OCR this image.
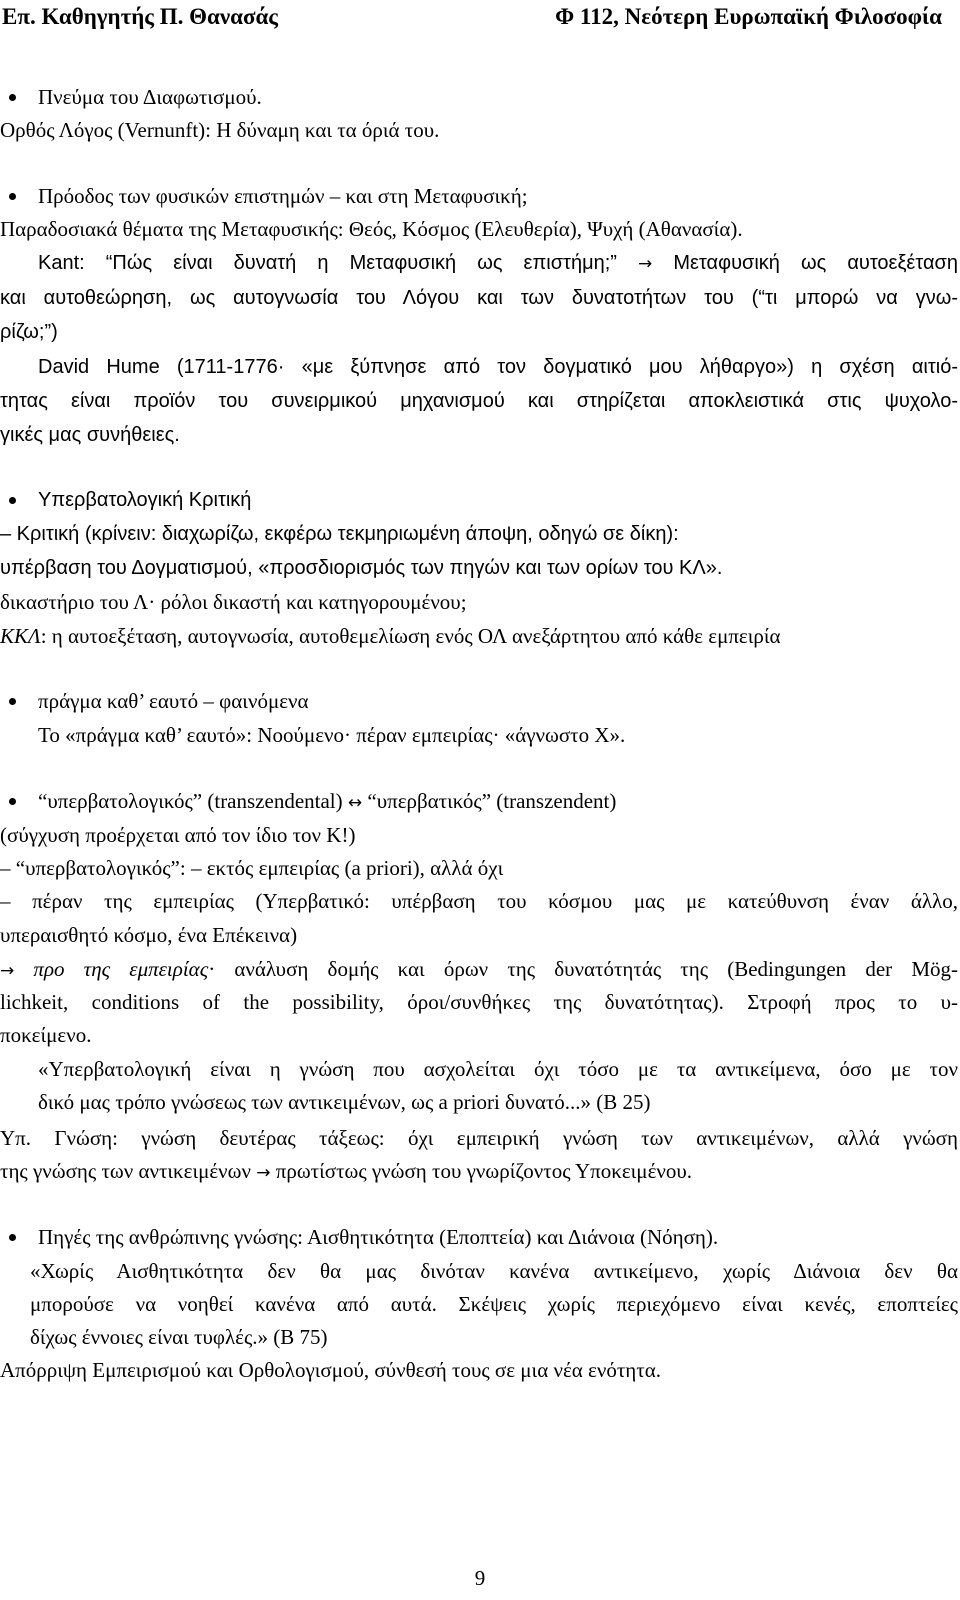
Επ. Καθηγητής Π. Θανασάς	Φ 112, Νεότερη Ευρωπαϊκή Φιλοσοφία
Πνεύμα του Διαφωτισμού.
Ορθός Λόγος (Vernunft): Η δύναμη και τα όριά του.
Πρόοδος των φυσικών επιστημών – και στη Μεταφυσική;
Παραδοσιακά θέματα της Μεταφυσικής: Θεός, Κόσμος (Ελευθερία), Ψυχή (Αθανασία).
Kant: “Πώς είναι δυνατή η Μεταφυσική ως επιστήμη;” → Μεταφυσική ως αυτοεξέταση
και αυτοθεώρηση, ως αυτογνωσία του Λόγου και των δυνατοτήτων του (“τι μπορώ να γνω-
ρίζω;”)
David Hume (1711-1776· «με ξύπνησε από τον δογματικό μου λήθαργο») η σχέση αιτιό-
τητας είναι προϊόν του συνειρμικού μηχανισμού και στηρίζεται αποκλειστικά στις ψυχολο-
γικές μας συνήθειες.
Υπερβατολογική Κριτική
– Κριτική (κρίνειν: διαχωρίζω, εκφέρω τεκμηριωμένη άποψη, οδηγώ σε δίκη):
υπέρβαση του Δογματισμού, «προσδιορισμός των πηγών και των ορίων του ΚΛ».
δικαστήριο του Λ· ρόλοι δικαστή και κατηγορουμένου;
ΚΚΛ: η αυτοεξέταση, αυτογνωσία, αυτοθεμελίωση ενός ΟΛ ανεξάρτητου από κάθε εμπειρία
πράγμα καθ’ εαυτό – φαινόμενα
Το «πράγμα καθ’ εαυτό»: Νοούμενο· πέραν εμπειρίας· «άγνωστο Χ».
“υπερβατολογικός” (transzendental) ↔ “υπερβατικός” (transzendent)
(σύγχυση προέρχεται από τον ίδιο τον Κ!)
– “υπερβατολογικός”: – εκτός εμπειρίας (a priori), αλλά όχι
– πέραν της εμπειρίας (Υπερβατικό: υπέρβαση του κόσμου μας με κατεύθυνση έναν άλλο,
υπεραισθητό κόσμο, ένα Επέκεινα)
→ προ της εμπειρίας· ανάλυση δομής και όρων της δυνατότητάς της (Bedingungen der Mög-
lichkeit, conditions of the possibility, όροι/συνθήκες της δυνατότητας). Στροφή προς το υ-
ποκείμενο.
«Υπερβατολογική είναι η γνώση που ασχολείται όχι τόσο με τα αντικείμενα, όσο με τον
δικό μας τρόπο γνώσεως των αντικειμένων, ως a priori δυνατό...» (B 25)
Υπ. Γνώση: γνώση δευτέρας τάξεως: όχι εμπειρική γνώση των αντικειμένων, αλλά γνώση
της γνώσης των αντικειμένων → πρωτίστως γνώση του γνωρίζοντος Υποκειμένου.
Πηγές της ανθρώπινης γνώσης: Αισθητικότητα (Εποπτεία) και Διάνοια (Νόηση).
«Χωρίς Αισθητικότητα δεν θα μας δινόταν κανένα αντικείμενο, χωρίς Διάνοια δεν θα
μπορούσε να νοηθεί κανένα από αυτά. Σκέψεις χωρίς περιεχόμενο είναι κενές, εποπτείες
δίχως έννοιες είναι τυφλές.» (B 75)
Απόρριψη Εμπειρισμού και Ορθολογισμού, σύνθεσή τους σε μια νέα ενότητα.
9
